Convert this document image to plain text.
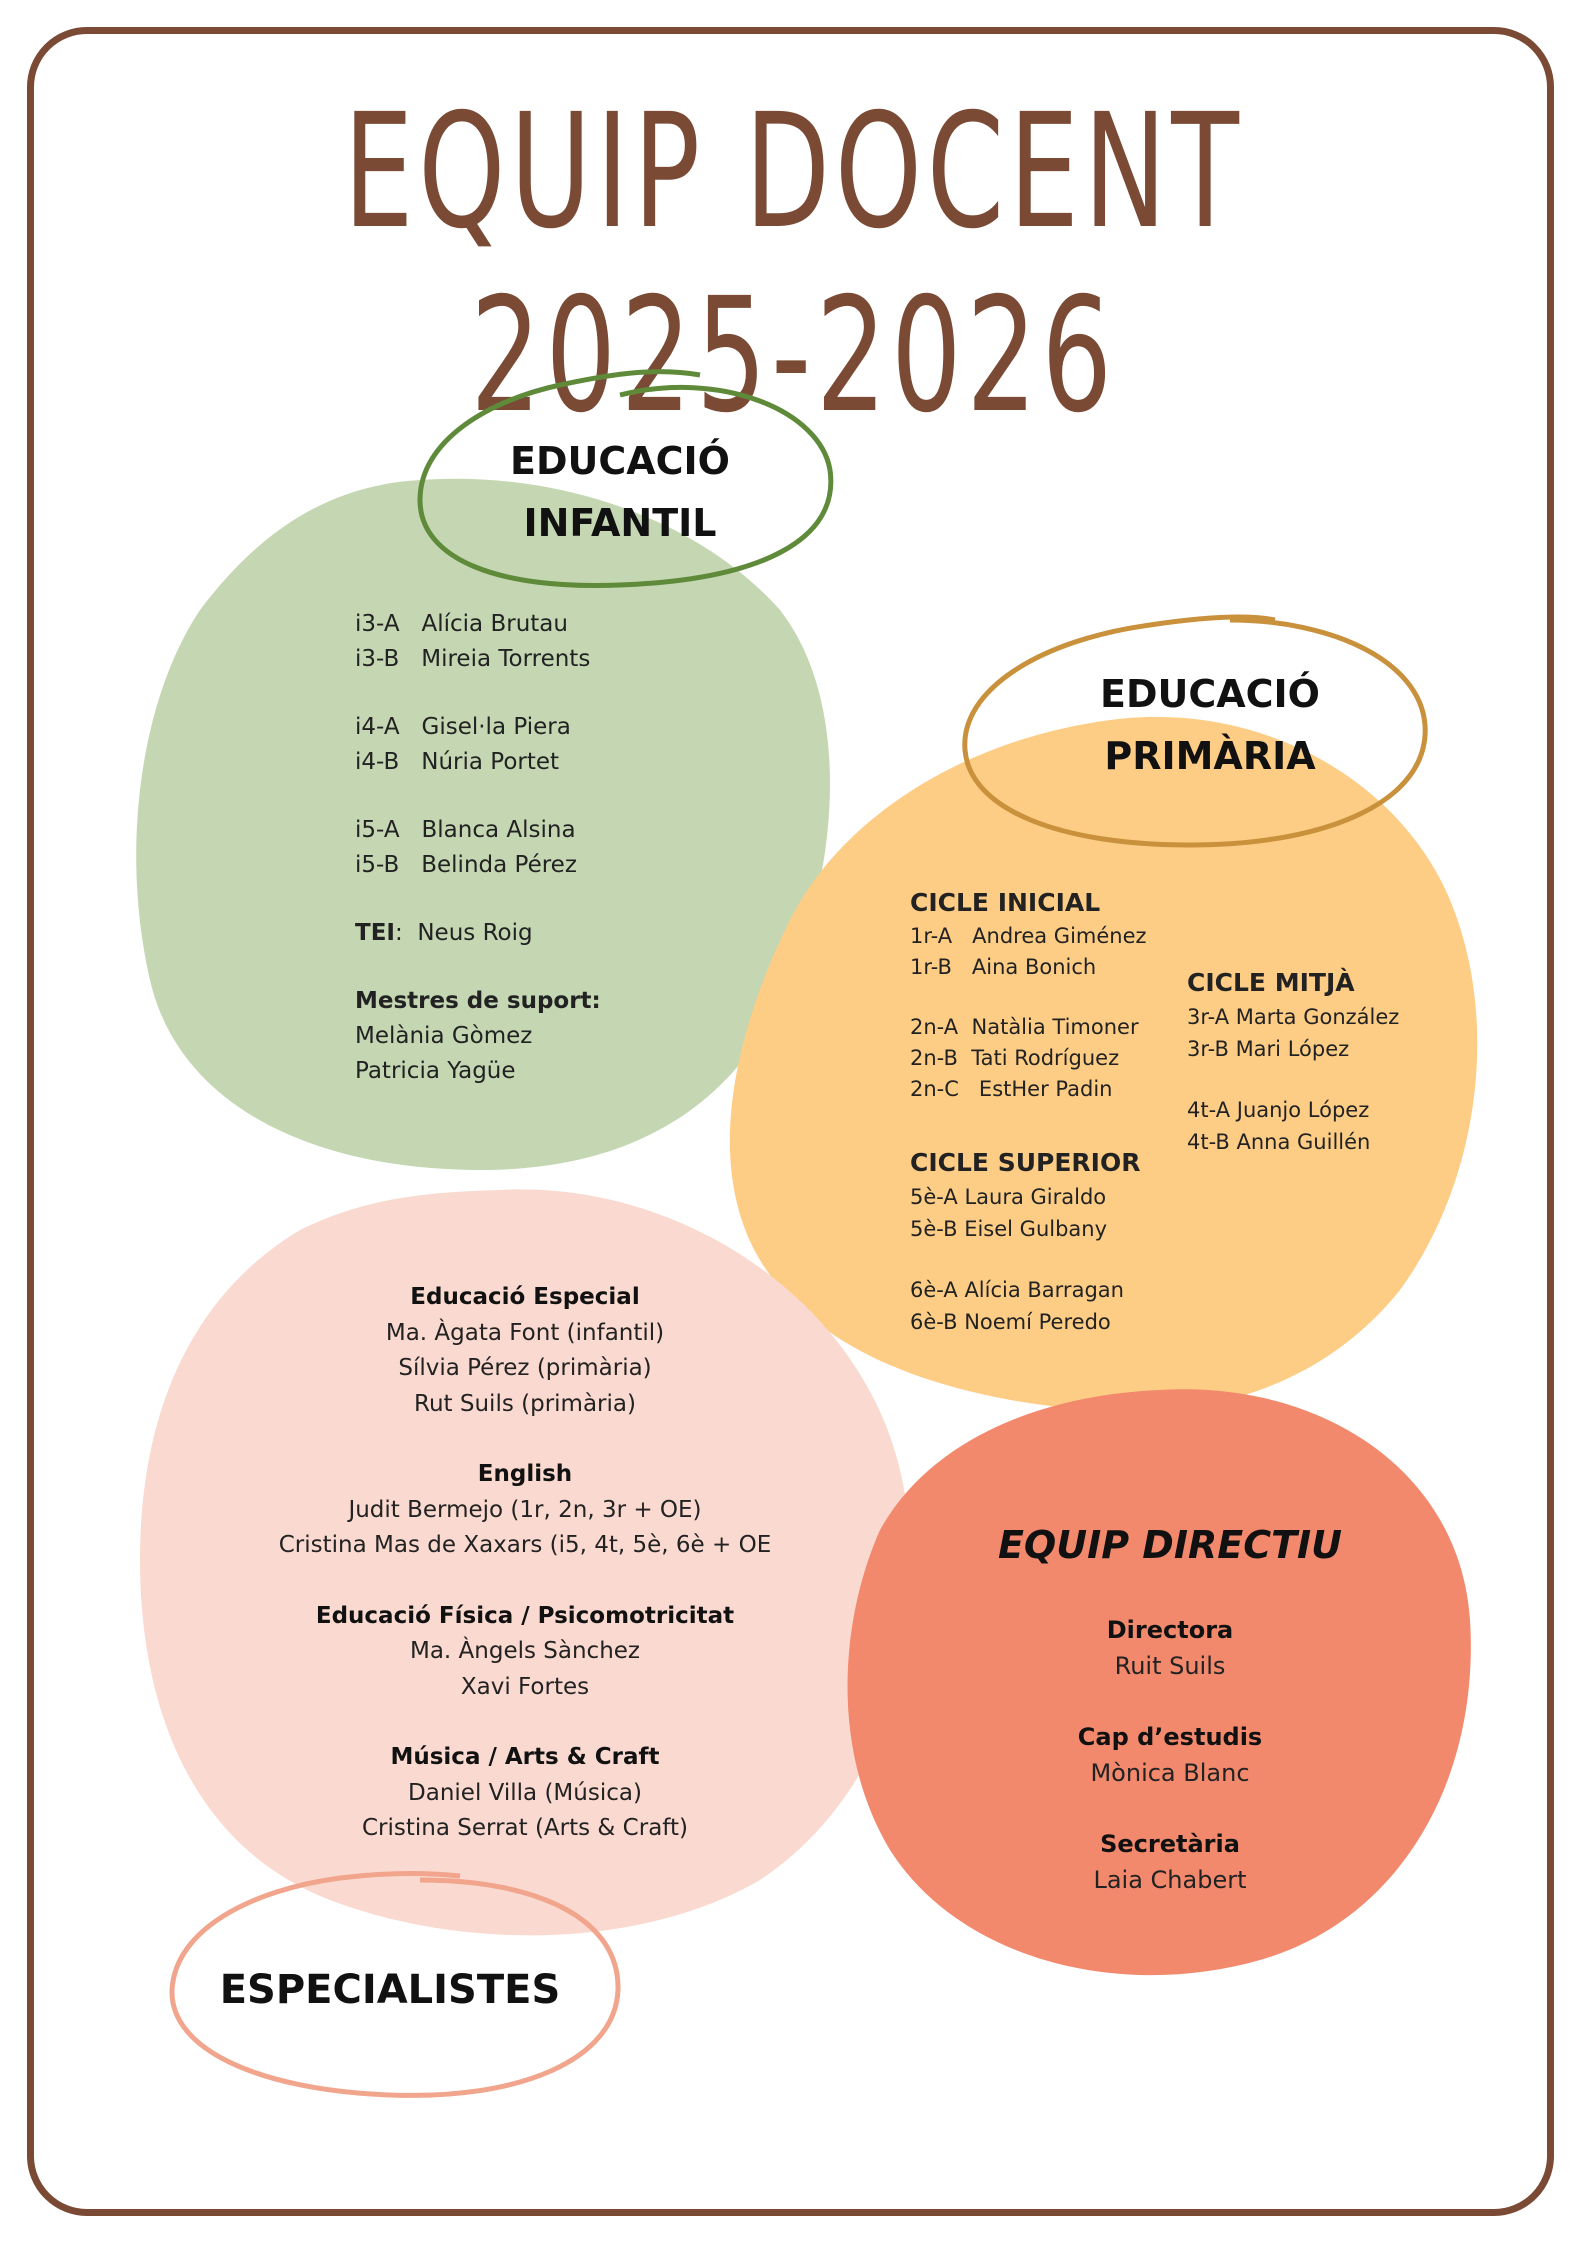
EQUIP DOCENT 2025-2026
EDUCACIÓ
INFANTIL
i3-A Alícia Brutau
i3-B Mireia Torrents
i4-A Gisel·la Piera
i4-B Núria Portet
i5-A Blanca Alsina
i5-B Belinda Pérez
TEI:  Neus Roig
Mestres de suport:
Melània Gòmez
Patricia Yagüe
EDUCACIÓ
PRIMÀRIA
CICLE INICIAL
1r-A   Andrea Giménez
1r-B   Aina Bonich
2n-A  Natàlia Timoner
2n-B  Tati Rodríguez
2n-C   EstHer Padin
CICLE MITJÀ
3r-A Marta González
3r-B Mari López
4t-A Juanjo López
4t-B Anna Guillén
CICLE SUPERIOR
5è-A Laura Giraldo
5è-B Eisel Gulbany
6è-A Alícia Barragan
6è-B Noemí Peredo
Educació Especial
Ma. Àgata Font (infantil)
Sílvia Pérez (primària)
Rut Suils (primària)
English
Judit Bermejo (1r, 2n, 3r + OE)
Cristina Mas de Xaxars (i5, 4t, 5è, 6è + OE
Educació Física / Psicomotricitat
Ma. Àngels Sànchez
Xavi Fortes
Música / Arts & Craft
Daniel Villa (Música)
Cristina Serrat (Arts & Craft)
ESPECIALISTES
EQUIP DIRECTIU
Directora
Ruit Suils
Cap d’estudis
Mònica Blanc
Secretària
Laia Chabert
